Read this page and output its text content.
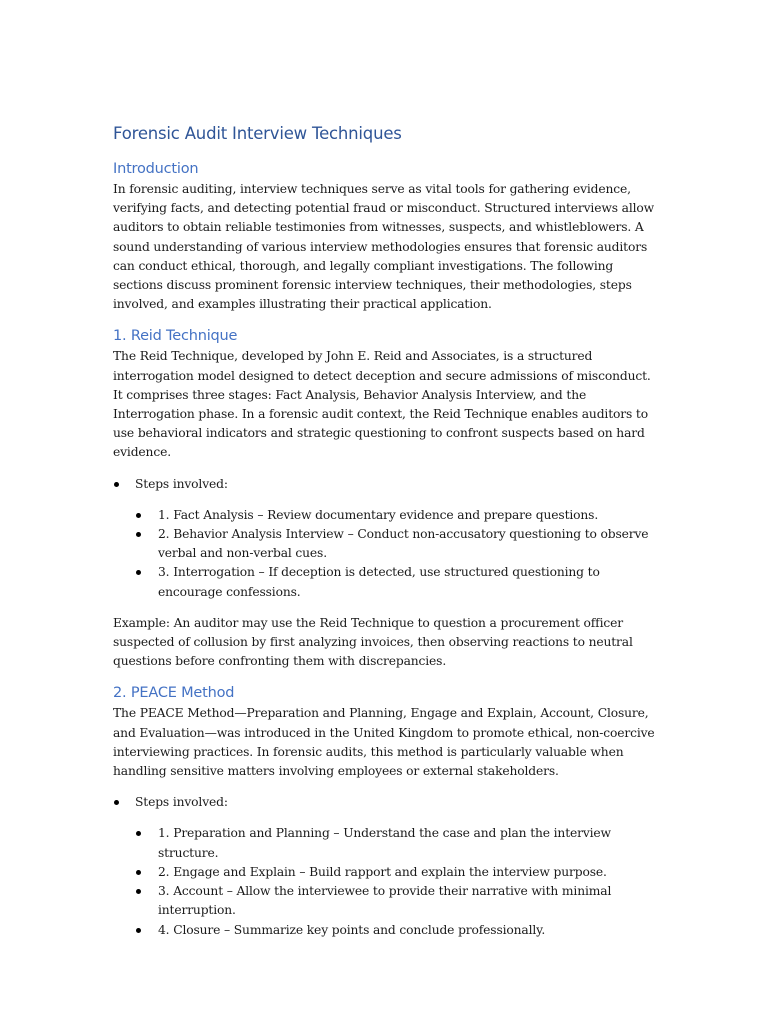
Forensic Audit Interview Techniques
Introduction

In forensic auditing, interview techniques serve as vital tools for gathering evidence, verifying facts, and detecting potential fraud or misconduct. Structured interviews allow auditors to obtain reliable testimonies from witnesses, suspects, and whistleblowers. A sound understanding of various interview methodologies ensures that forensic auditors can conduct ethical, thorough, and legally compliant investigations. The following sections discuss prominent forensic interview techniques, their methodologies, steps involved, and examples illustrating their practical application.

1. Reid Technique

The Reid Technique, developed by John E. Reid and Associates, is a structured interrogation model designed to detect deception and secure admissions of misconduct. It comprises three stages: Fact Analysis, Behavior Analysis Interview, and the Interrogation phase. In a forensic audit context, the Reid Technique enables auditors to use behavioral indicators and strategic questioning to confront suspects based on hard evidence.

Steps involved:
1. Fact Analysis – Review documentary evidence and prepare questions.
2. Behavior Analysis Interview – Conduct non-accusatory questioning to observe verbal and non-verbal cues.
3. Interrogation – If deception is detected, use structured questioning to encourage confessions.

Example: An auditor may use the Reid Technique to question a procurement officer suspected of collusion by first analyzing invoices, then observing reactions to neutral questions before confronting them with discrepancies.

2. PEACE Method

The PEACE Method—Preparation and Planning, Engage and Explain, Account, Closure, and Evaluation—was introduced in the United Kingdom to promote ethical, non-coercive interviewing practices. In forensic audits, this method is particularly valuable when handling sensitive matters involving employees or external stakeholders.

Steps involved:
1. Preparation and Planning – Understand the case and plan the interview structure.
2. Engage and Explain – Build rapport and explain the interview purpose.
3. Account – Allow the interviewee to provide their narrative with minimal interruption.
4. Closure – Summarize key points and conclude professionally.
